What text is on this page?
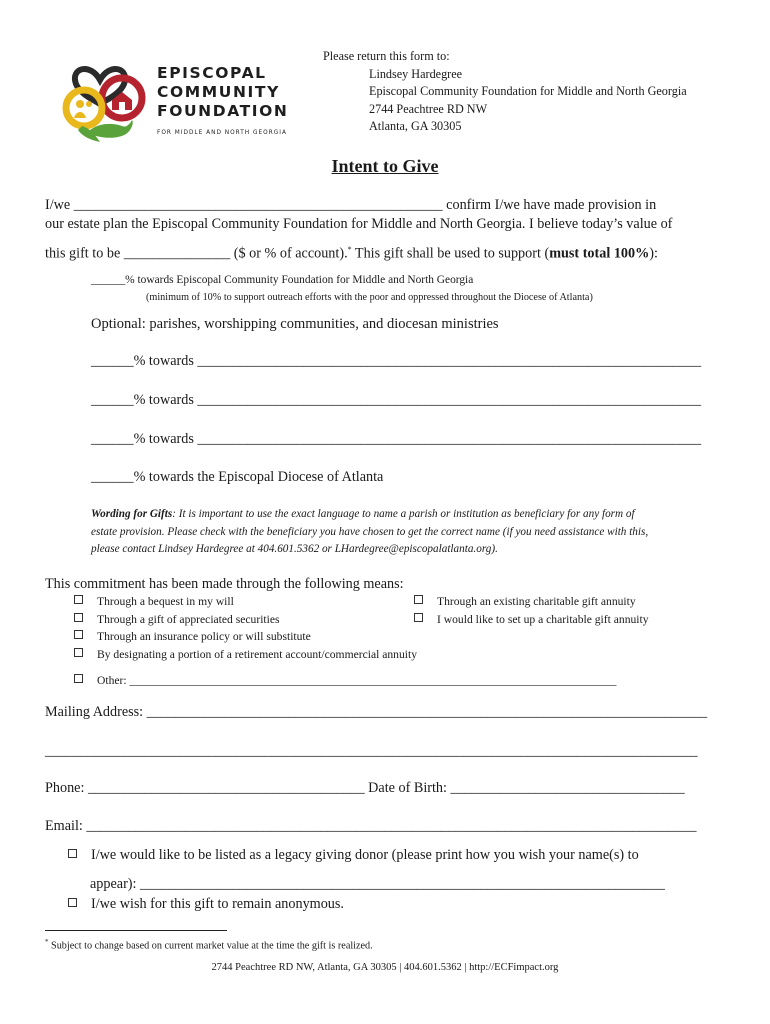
EPISCOPAL
COMMUNITY
FOUNDATION
FOR MIDDLE AND NORTH GEORGIA
Please return this form to:
Lindsey Hardegree
Episcopal Community Foundation for Middle and North Georgia
2744 Peachtree RD NW
Atlanta, GA 30305
Intent to Give
I/we ____________________________________________________ confirm I/we have made provision in
our estate plan the Episcopal Community Foundation for Middle and North Georgia. I believe today’s value of
this gift to be _______________ ($ or % of account).* This gift shall be used to support (must total 100%):
______% towards Episcopal Community Foundation for Middle and North Georgia
(minimum of 10% to support outreach efforts with the poor and oppressed throughout the Diocese of Atlanta)
Optional: parishes, worshipping communities, and diocesan ministries
______% towards _______________________________________________________________________
______% towards _______________________________________________________________________
______% towards _______________________________________________________________________
______% towards the Episcopal Diocese of Atlanta
Wording for Gifts: It is important to use the exact language to name a parish or institution as beneficiary for any form of
estate provision. Please check with the beneficiary you have chosen to get the correct name (if you need assistance with this,
please contact Lindsey Hardegree at 404.601.5362 or LHardegree@episcopalatlanta.org).
This commitment has been made through the following means:
Through a bequest in my will
Through a gift of appreciated securities
Through an insurance policy or will substitute
By designating a portion of a retirement account/commercial annuity
Through an existing charitable gift annuity
I would like to set up a charitable gift annuity
Other: ____________________________________________________________________________________
Mailing Address: _______________________________________________________________________________
____________________________________________________________________________________________
Phone: _______________________________________ Date of Birth: _________________________________
Email: ______________________________________________________________________________________
I/we would like to be listed as a legacy giving donor (please print how you wish your name(s) to
appear): __________________________________________________________________________
I/we wish for this gift to remain anonymous.
* Subject to change based on current market value at the time the gift is realized.
2744 Peachtree RD NW, Atlanta, GA 30305 | 404.601.5362 | http://ECFimpact.org
